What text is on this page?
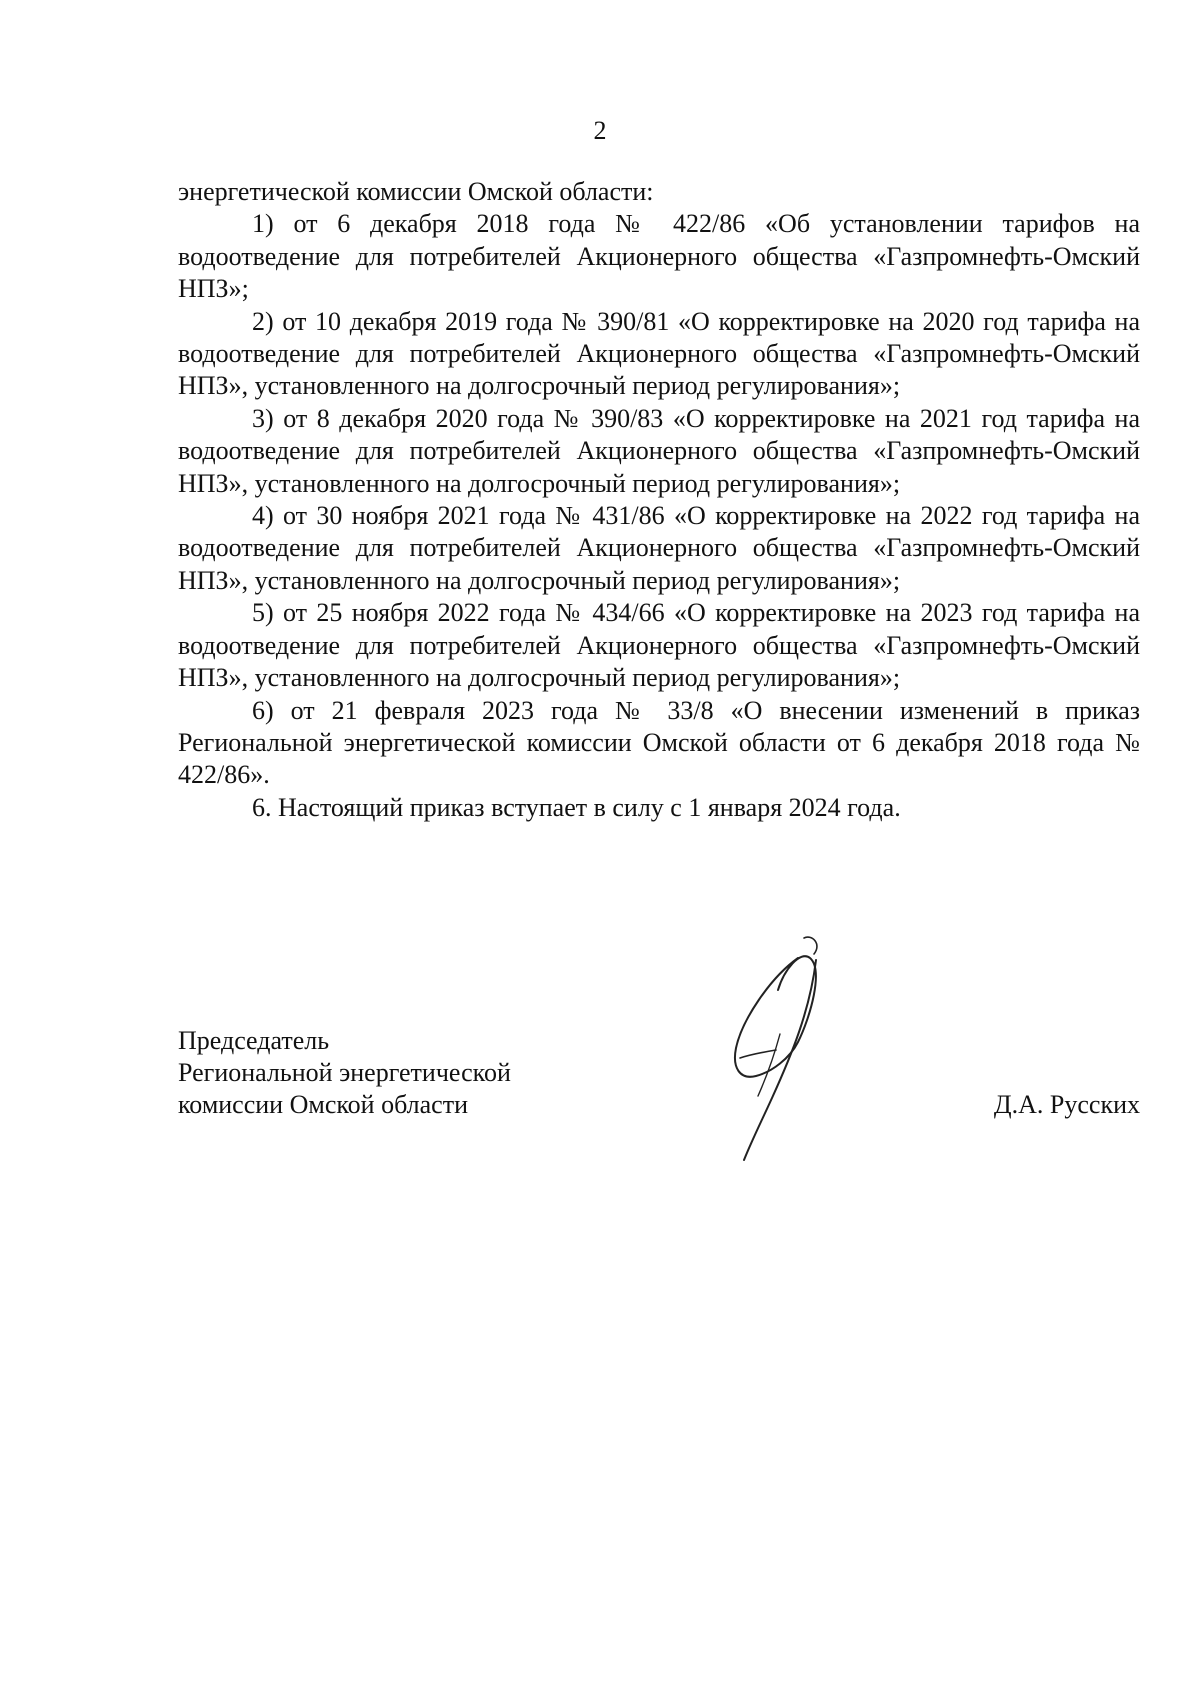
2

энергетической комиссии Омской области:

1) от 6 декабря 2018 года № 422/86 «Об установлении тарифов на водоотведение для потребителей Акционерного общества «Газпромнефть-Омский НПЗ»;

2) от 10 декабря 2019 года № 390/81 «О корректировке на 2020 год тарифа на водоотведение для потребителей Акционерного общества «Газпромнефть-Омский НПЗ», установленного на долгосрочный период регулирования»;

3) от 8 декабря 2020 года № 390/83 «О корректировке на 2021 год тарифа на водоотведение для потребителей Акционерного общества «Газпромнефть-Омский НПЗ», установленного на долгосрочный период регулирования»;

4) от 30 ноября 2021 года № 431/86 «О корректировке на 2022 год тарифа на водоотведение для потребителей Акционерного общества «Газпромнефть-Омский НПЗ», установленного на долгосрочный период регулирования»;

5) от 25 ноября 2022 года № 434/66 «О корректировке на 2023 год тарифа на водоотведение для потребителей Акционерного общества «Газпромнефть-Омский НПЗ», установленного на долгосрочный период регулирования»;

6) от 21 февраля 2023 года № 33/8 «О внесении изменений в приказ Региональной энергетической комиссии Омской области от 6 декабря 2018 года № 422/86».

6. Настоящий приказ вступает в силу с 1 января 2024 года.

Председатель
Региональной энергетической
комиссии Омской области	Д.А. Русских
